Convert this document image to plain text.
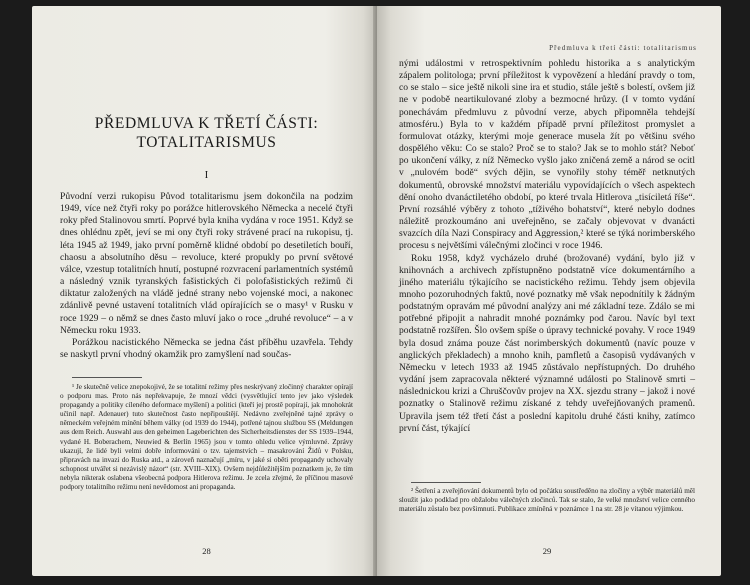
PŘEDMLUVA K TŘETÍ ČÁSTI:
TOTALITARISMUS
I

Původní verzi rukopisu Původ totalitarismu jsem dokončila na podzim 1949, více než čtyři roky po porážce hitlerovského Německa a necelé čtyři roky před Stalinovou smrtí. Poprvé byla kniha vydána v roce 1951. Když se dnes ohlédnu zpět, jeví se mi ony čtyři roky strávené prací na rukopisu, tj. léta 1945 až 1949, jako první poměrně klidné období po desetiletích bouří, chaosu a absolutního děsu – revoluce, které propukly po první světové válce, vzestup totalitních hnutí, postupné rozvracení parlamentních systémů a následný vznik tyranských fašistických či polofašistických režimů či diktatur založených na vládě jedné strany nebo vojenské moci, a nakonec zdánlivě pevné ustavení totalitních vlád opírajících se o masy¹ v Rusku v roce 1929 – o němž se dnes často mluví jako o roce „druhé revoluce“ – a v Německu roku 1933.

Porážkou nacistického Německa se jedna část příběhu uzavřela. Tehdy se naskytl první vhodný okamžik pro zamyšlení nad součas-

¹ Je skutečně velice znepokojivé, že se totalitní režimy přes neskrývaný zločinný charakter opírají o podporu mas. Proto nás nepřekvapuje, že mnozí vědci (vysvětlující tento jev jako výsledek propagandy a politiky cíleného deformace myšlení) a politici (kteří jej prostě popírají, jak mnohokrát učinil např. Adenauer) tuto skutečnost často nepřipouštějí. Nedávno zveřejněné tajné zprávy o německém veřejném mínění během války (od 1939 do 1944), potřené tajnou službou SS (Meldungen aus dem Reich. Auswahl aus den geheimen Lageberichten des Sicherheitsdienstes der SS 1939–1944, vydané H. Boberachem, Neuwied & Berlín 1965) jsou v tomto ohledu velice výmluvné. Zprávy ukazují, že lidé byli velmi dobře informováni o tzv. tajemstvích – masakrování Židů v Polsku, připravách na invazi do Ruska atd., a zároveň naznačují „míru, v jaké si oběti propagandy uchovaly schopnost utvářet si nezávislý názor“ (str. XVIII–XIX). Ovšem nejdůležitějším poznatkem je, že tím nebyla nikterak oslabena všeobecná podpora Hitlerova režimu. Je zcela zřejmé, že příčinou masové podpory totalitního režimu není nevědomost ani propaganda.

28
Předmluva k třetí části: totalitarismus

nými událostmi v retrospektivním pohledu historika a s analytickým zápalem politologa; první příležitost k vypovězení a hledání pravdy o tom, co se stalo – sice ještě nikoli sine ira et studio, stále ještě s bolestí, ovšem již ne v podobě neartikulované zloby a bezmocné hrůzy. (I v tomto vydání ponechávám předmluvu z původní verze, abych připomněla tehdejší atmosféru.) Byla to v každém případě první příležitost promyslet a formulovat otázky, kterými moje generace musela žít po většinu svého dospělého věku: Co se stalo? Proč se to stalo? Jak se to mohlo stát? Neboť po ukončení války, z níž Německo vyšlo jako zničená země a národ se ocitl v „nulovém bodě“ svých dějin, se vynořily stohy téměř netknutých dokumentů, obrovské množství materiálu vypovídajících o všech aspektech dění onoho dvanáctiletého období, po které trvala Hitlerova „tisíciletá říše“. První rozsáhlé výběry z tohoto „tíživého bohatství“, které nebylo dodnes náležitě prozkoumáno ani uveřejněno, se začaly objevovat v dvanácti svazcích díla Nazi Conspiracy and Aggression,² které se týká norimberského procesu s největšími válečnými zločinci v roce 1946.

Roku 1958, když vycházelo druhé (brožované) vydání, bylo již v knihovnách a archivech zpřístupněno podstatně více dokumentárního a jiného materiálu týkajícího se nacistického režimu. Tehdy jsem objevila mnoho pozoruhodných faktů, nové poznatky mě však nepodnítily k žádným podstatným opravám mé původní analýzy ani mé základní teze. Zdálo se mi potřebné připojit a nahradit mnohé poznámky pod čarou. Navíc byl text podstatně rozšířen. Šlo ovšem spíše o úpravy technické povahy. V roce 1949 byla dosud známa pouze část norimberských dokumentů (navíc pouze v anglických překladech) a mnoho knih, pamfletů a časopisů vydávaných v Německu v letech 1933 až 1945 zůstávalo nepřístupných. Do druhého vydání jsem zapracovala některé významné události po Stalinově smrti – následnickou krizi a Chruščovův projev na XX. sjezdu strany – jakož i nové poznatky o Stalinově režimu získané z tehdy uveřejňovaných pramenů. Upravila jsem též třetí část a poslední kapitolu druhé části knihy, zatímco první část, týkající

² Šetření a zveřejňování dokumentů bylo od počátku soustředěno na zločiny a výběr materiálů měl sloužit jako podklad pro obžalobu válečných zločinců. Tak se stalo, že velké množství velice cenného materiálu zůstalo bez povšimnutí. Publikace zmíněná v poznámce 1 na str. 28 je vítanou výjimkou.

29
